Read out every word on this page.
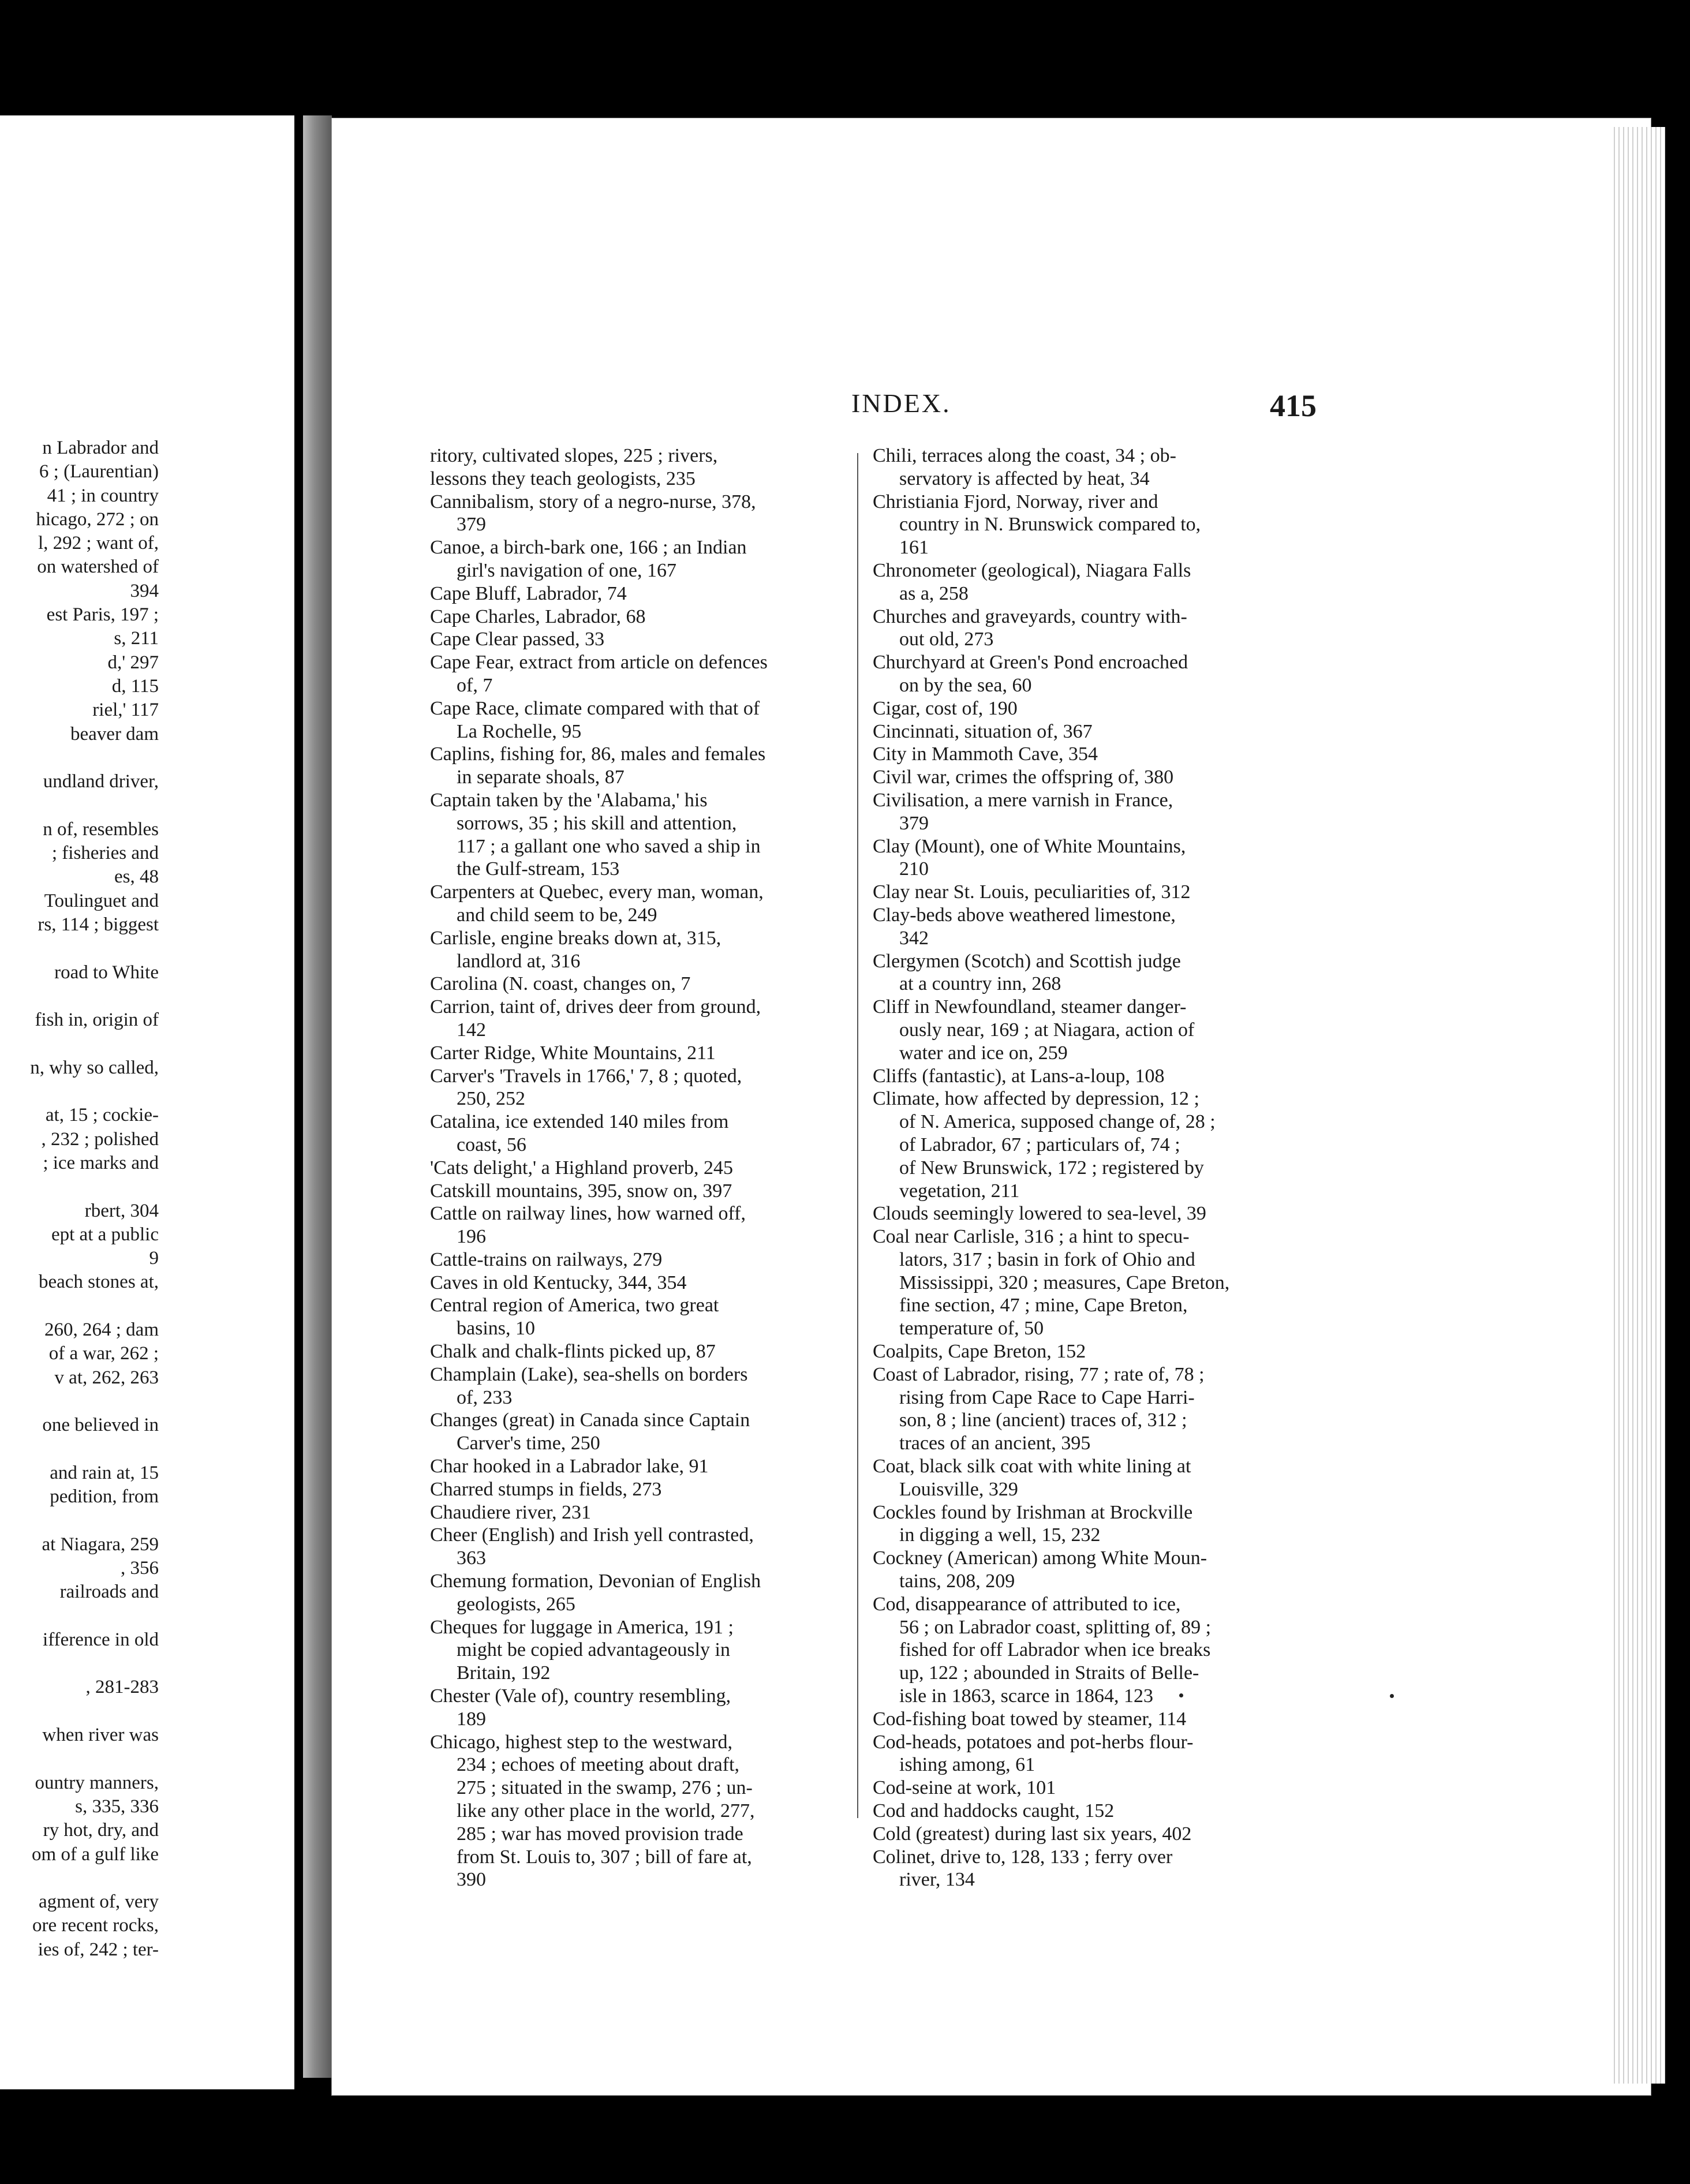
n Labrador and
6 ; (Laurentian)
41 ; in country
hicago, 272 ; on
l, 292 ; want of,
on watershed of
394
est Paris, 197 ;
s, 211
d,' 297
d, 115
riel,' 117
beaver dam
undland driver,
n of, resembles
; fisheries and
es, 48
Toulinguet and
rs, 114 ; biggest
road to White
fish in, origin of
n, why so called,
at, 15 ; cockie-
, 232 ; polished
; ice marks and
rbert, 304
ept at a public
9
beach stones at,
260, 264 ; dam
of a war, 262 ;
v at, 262, 263
one believed in
and rain at, 15
pedition, from
at Niagara, 259
, 356
railroads and
ifference in old
, 281-283
when river was
ountry manners,
s, 335, 336
ry hot, dry, and
om of a gulf like
agment of, very
ore recent rocks,
ies of, 242 ; ter-
INDEX.	415
ritory, cultivated slopes, 225 ; rivers,
lessons they teach geologists, 235
Cannibalism, story of a negro-nurse, 378,
379
Canoe, a birch-bark one, 166 ; an Indian
girl's navigation of one, 167
Cape Bluff, Labrador, 74
Cape Charles, Labrador, 68
Cape Clear passed, 33
Cape Fear, extract from article on defences
of, 7
Cape Race, climate compared with that of
La Rochelle, 95
Caplins, fishing for, 86, males and females
in separate shoals, 87
Captain taken by the 'Alabama,' his
sorrows, 35 ; his skill and attention,
117 ; a gallant one who saved a ship in
the Gulf-stream, 153
Carpenters at Quebec, every man, woman,
and child seem to be, 249
Carlisle, engine breaks down at, 315,
landlord at, 316
Carolina (N. coast, changes on, 7
Carrion, taint of, drives deer from ground,
142
Carter Ridge, White Mountains, 211
Carver's 'Travels in 1766,' 7, 8 ; quoted,
250, 252
Catalina, ice extended 140 miles from
coast, 56
'Cats delight,' a Highland proverb, 245
Catskill mountains, 395, snow on, 397
Cattle on railway lines, how warned off,
196
Cattle-trains on railways, 279
Caves in old Kentucky, 344, 354
Central region of America, two great
basins, 10
Chalk and chalk-flints picked up, 87
Champlain (Lake), sea-shells on borders
of, 233
Changes (great) in Canada since Captain
Carver's time, 250
Char hooked in a Labrador lake, 91
Charred stumps in fields, 273
Chaudiere river, 231
Cheer (English) and Irish yell contrasted,
363
Chemung formation, Devonian of English
geologists, 265
Cheques for luggage in America, 191 ;
might be copied advantageously in
Britain, 192
Chester (Vale of), country resembling,
189
Chicago, highest step to the westward,
234 ; echoes of meeting about draft,
275 ; situated in the swamp, 276 ; un-
like any other place in the world, 277,
285 ; war has moved provision trade
from St. Louis to, 307 ; bill of fare at,
390
Chili, terraces along the coast, 34 ; ob-
servatory is affected by heat, 34
Christiania Fjord, Norway, river and
country in N. Brunswick compared to,
161
Chronometer (geological), Niagara Falls
as a, 258
Churches and graveyards, country with-
out old, 273
Churchyard at Green's Pond encroached
on by the sea, 60
Cigar, cost of, 190
Cincinnati, situation of, 367
City in Mammoth Cave, 354
Civil war, crimes the offspring of, 380
Civilisation, a mere varnish in France,
379
Clay (Mount), one of White Mountains,
210
Clay near St. Louis, peculiarities of, 312
Clay-beds above weathered limestone,
342
Clergymen (Scotch) and Scottish judge
at a country inn, 268
Cliff in Newfoundland, steamer danger-
ously near, 169 ; at Niagara, action of
water and ice on, 259
Cliffs (fantastic), at Lans-a-loup, 108
Climate, how affected by depression, 12 ;
of N. America, supposed change of, 28 ;
of Labrador, 67 ; particulars of, 74 ;
of New Brunswick, 172 ; registered by
vegetation, 211
Clouds seemingly lowered to sea-level, 39
Coal near Carlisle, 316 ; a hint to specu-
lators, 317 ; basin in fork of Ohio and
Mississippi, 320 ; measures, Cape Breton,
fine section, 47 ; mine, Cape Breton,
temperature of, 50
Coalpits, Cape Breton, 152
Coast of Labrador, rising, 77 ; rate of, 78 ;
rising from Cape Race to Cape Harri-
son, 8 ; line (ancient) traces of, 312 ;
traces of an ancient, 395
Coat, black silk coat with white lining at
Louisville, 329
Cockles found by Irishman at Brockville
in digging a well, 15, 232
Cockney (American) among White Moun-
tains, 208, 209
Cod, disappearance of attributed to ice,
56 ; on Labrador coast, splitting of, 89 ;
fished for off Labrador when ice breaks
up, 122 ; abounded in Straits of Belle-
isle in 1863, scarce in 1864, 123
Cod-fishing boat towed by steamer, 114
Cod-heads, potatoes and pot-herbs flour-
ishing among, 61
Cod-seine at work, 101
Cod and haddocks caught, 152
Cold (greatest) during last six years, 402
Colinet, drive to, 128, 133 ; ferry over
river, 134
